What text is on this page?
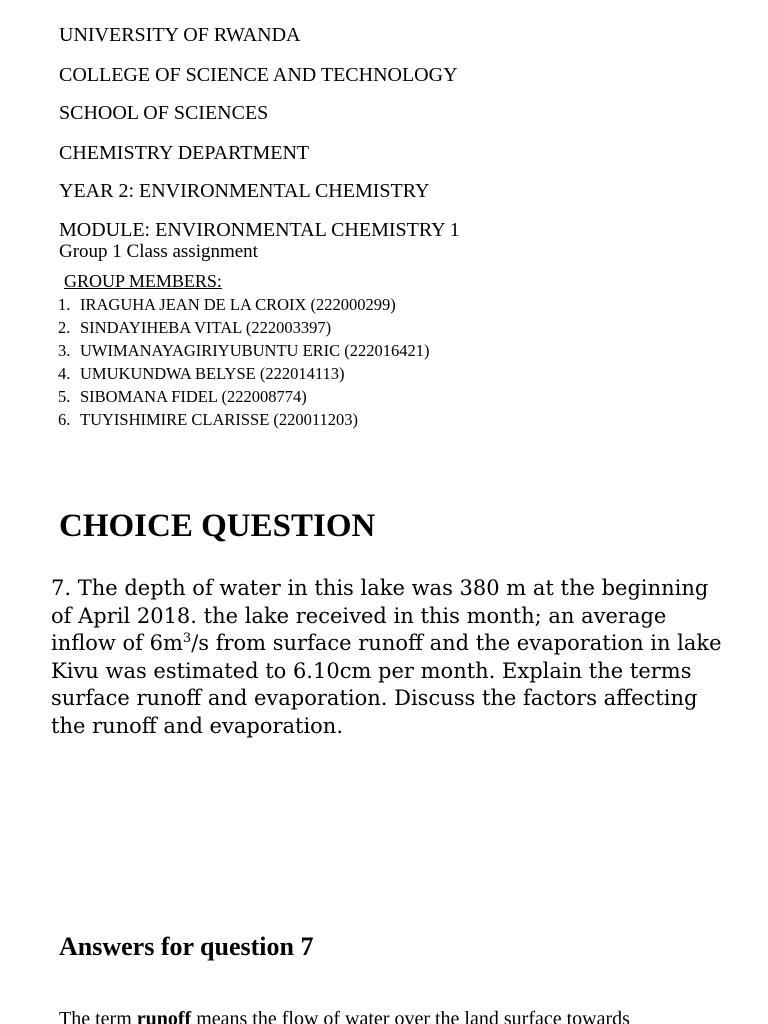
UNIVERSITY OF RWANDA
COLLEGE OF SCIENCE AND TECHNOLOGY
SCHOOL OF SCIENCES
CHEMISTRY DEPARTMENT
YEAR 2: ENVIRONMENTAL CHEMISTRY
MODULE: ENVIRONMENTAL CHEMISTRY 1
Group 1 Class assignment
GROUP MEMBERS:
1. IRAGUHA JEAN DE LA CROIX (222000299)
2. SINDAYIHEBA VITAL (222003397)
3. UWIMANAYAGIRIYUBUNTU ERIC (222016421)
4. UMUKUNDWA BELYSE (222014113)
5. SIBOMANA FIDEL (222008774)
6. TUYISHIMIRE CLARISSE (220011203)
CHOICE QUESTION

7. The depth of water in this lake was 380 m at the beginning of April 2018. the lake received in this month; an average inflow of $6m^3/s$ from surface runoff and the evaporation in lake Kivu was estimated to 6.10cm per month. Explain the terms surface runoff and evaporation. Discuss the factors affecting the runoff and evaporation.

Answers for question 7

The term runoff means the flow of water over the land surface towards
